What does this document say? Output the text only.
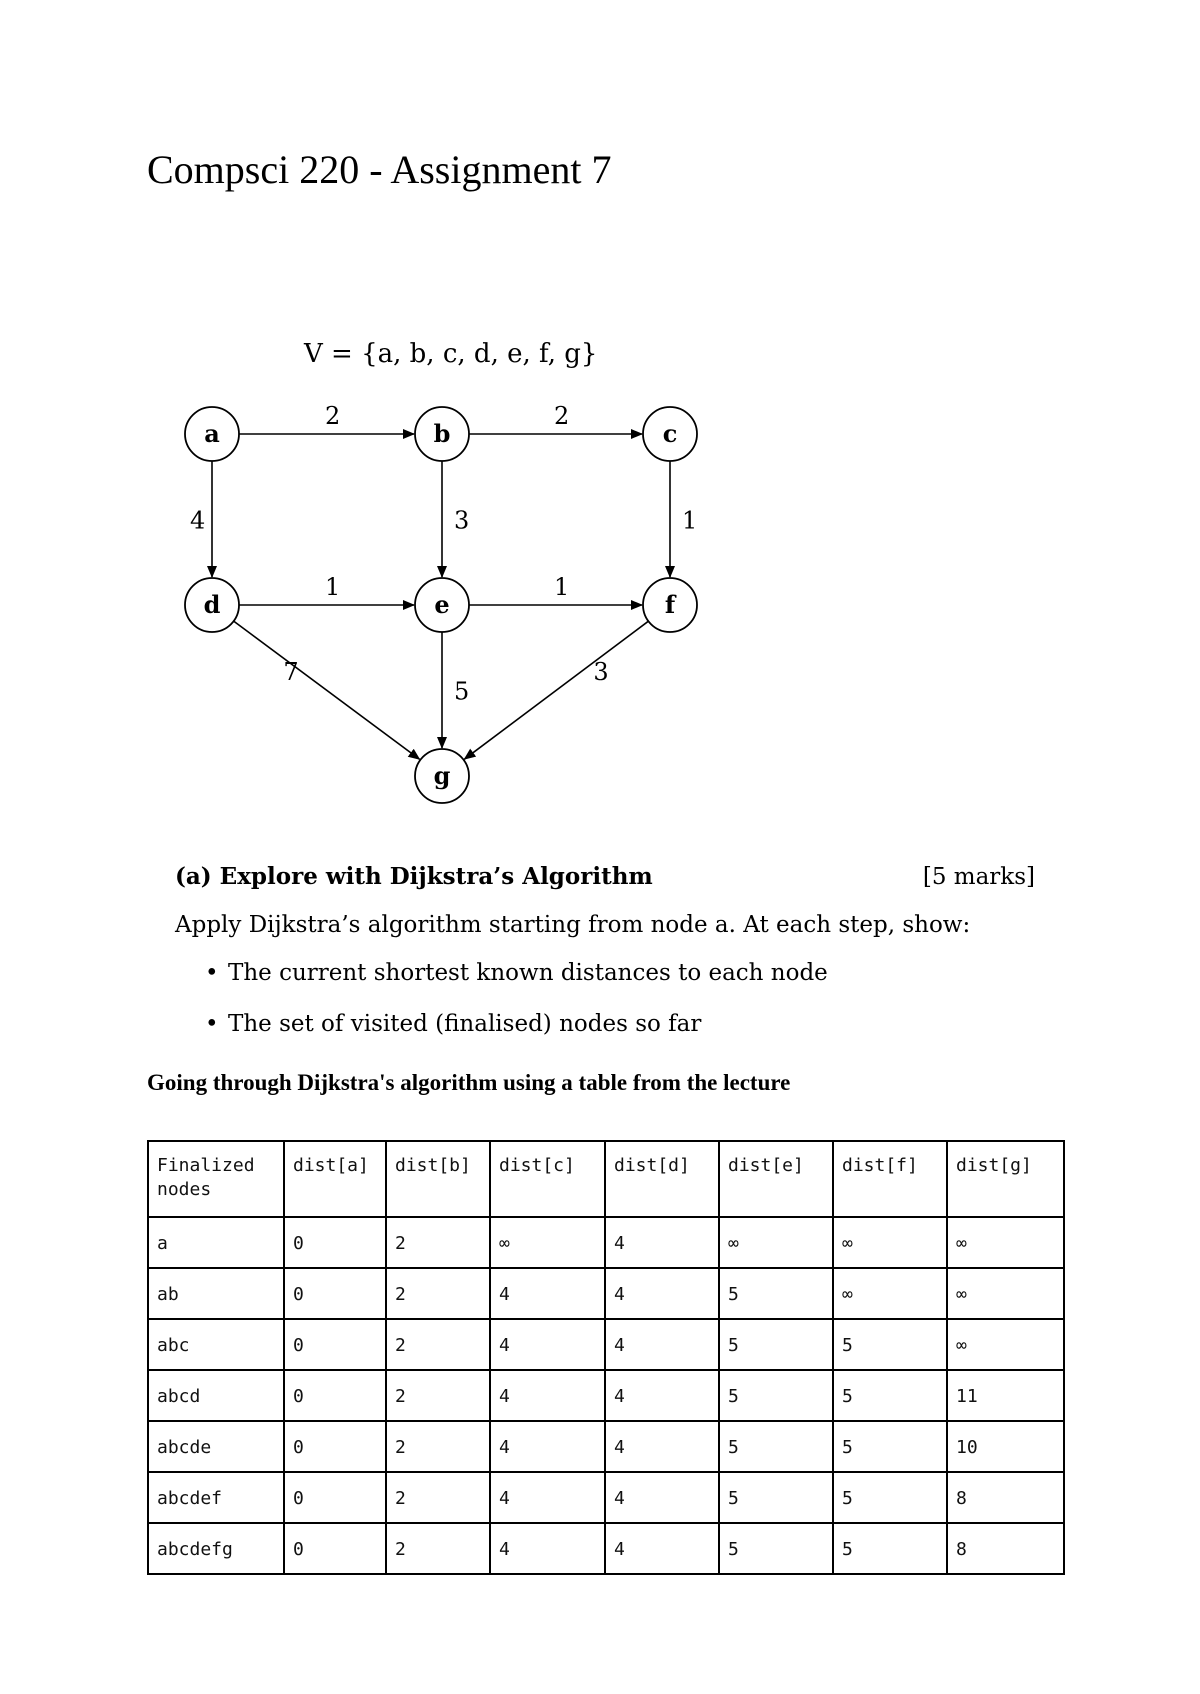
Compsci 220 - Assignment 7
V = {a, b, c, d, e, f, g}
2	2
4	3	1
1	1
7
5
3
a	b	c
d	e	f
g
(a) Explore with Dijkstra’s Algorithm	[5 marks]

Apply Dijkstra’s algorithm starting from node a. At each step, show:

• The current shortest known distances to each node
• The set of visited (finalised) nodes so far

Going through Dijkstra's algorithm using a table from the lecture

Finalized nodes	dist[a]	dist[b]	dist[c]	dist[d]	dist[e]	dist[f]	dist[g]
a	0	2	∞	4	∞	∞	∞
ab	0	2	4	4	5	∞	∞
abc	0	2	4	4	5	5	∞
abcd	0	2	4	4	5	5	11
abcde	0	2	4	4	5	5	10
abcdef	0	2	4	4	5	5	8
abcdefg	0	2	4	4	5	5	8
